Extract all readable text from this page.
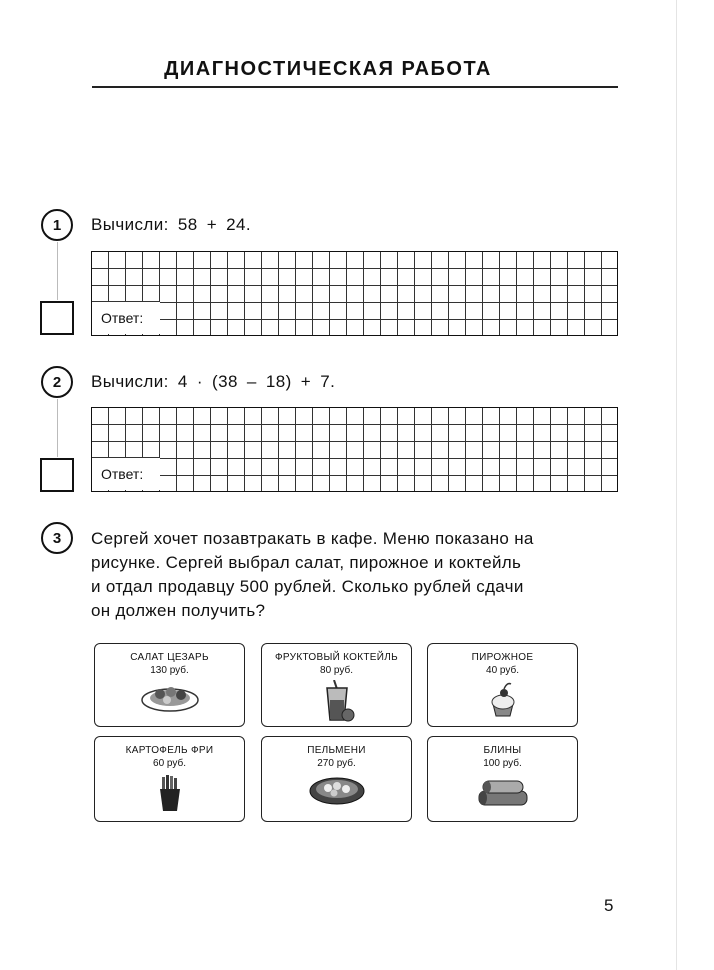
ДИАГНОСТИЧЕСКАЯ РАБОТА
1	Вычисли: 58 + 24.
Ответ:
2	Вычисли: 4 · (38 – 18) + 7.
Ответ:
3	Сергей хочет позавтракать в кафе. Меню показано на
рисунке. Сергей выбрал салат, пирожное и коктейль
и отдал продавцу 500 рублей. Сколько рублей сдачи
он должен получить?
САЛАТ ЦЕЗАРЬ
130 руб.
ФРУКТОВЫЙ КОКТЕЙЛЬ
80 руб.
ПИРОЖНОЕ
40 руб.
КАРТОФЕЛЬ ФРИ
60 руб.
ПЕЛЬМЕНИ
270 руб.
БЛИНЫ
100 руб.
5
